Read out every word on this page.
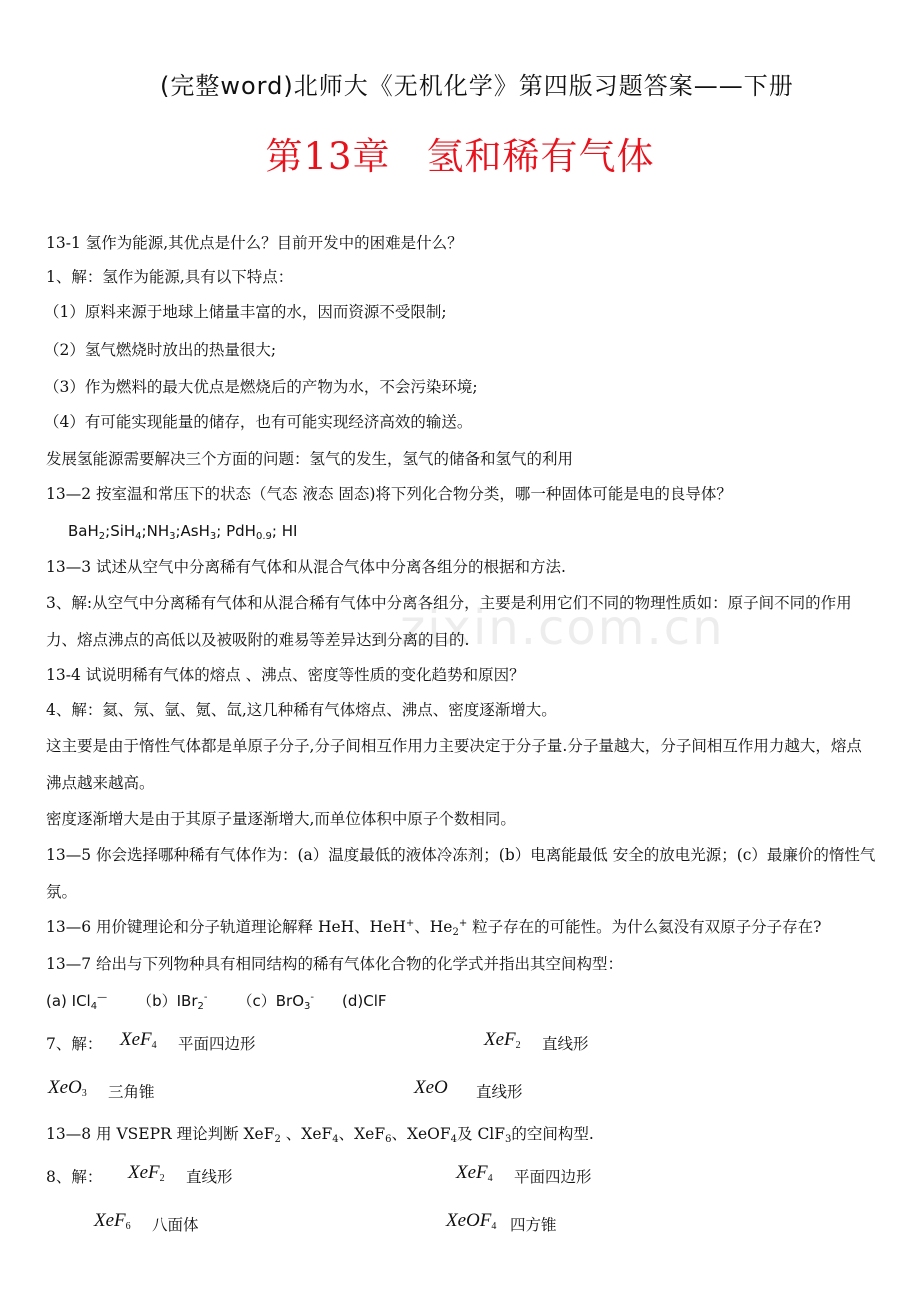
(完整word)北师大《无机化学》第四版习题答案——下册
第13章 氢和稀有气体
zixin.com.cn
13-1 氢作为能源,其优点是什么？目前开发中的困难是什么？
1、解：氢作为能源,具有以下特点：
（1）原料来源于地球上储量丰富的水，因而资源不受限制;
（2）氢气燃烧时放出的热量很大;
（3）作为燃料的最大优点是燃烧后的产物为水，不会污染环境;
（4）有可能实现能量的储存，也有可能实现经济高效的输送。
发展氢能源需要解决三个方面的问题：氢气的发生，氢气的储备和氢气的利用
13—2 按室温和常压下的状态（气态 液态 固态)将下列化合物分类，哪一种固体可能是电的良导体？
$BaH_2;SiH_4;NH_3;AsH_3$; PdH$_{0.9}$; HI
13—3 试述从空气中分离稀有气体和从混合气体中分离各组分的根据和方法.
3、解:从空气中分离稀有气体和从混合稀有气体中分离各组分，主要是利用它们不同的物理性质如：原子间不同的作用力、熔点沸点的高低以及被吸附的难易等差异达到分离的目的.
13-4 试说明稀有气体的熔点 、沸点、密度等性质的变化趋势和原因？
4、解：氦、氖、氩、氪、氙,这几种稀有气体熔点、沸点、密度逐渐增大。
这主要是由于惰性气体都是单原子分子,分子间相互作用力主要决定于分子量.分子量越大，分子间相互作用力越大，熔点沸点越来越高。
密度逐渐增大是由于其原子量逐渐增大,而单位体积中原子个数相同。
13—5 你会选择哪种稀有气体作为：(a）温度最低的液体冷冻剂；(b）电离能最低 安全的放电光源；(c）最廉价的惰性气氛。
13—6 用价键理论和分子轨道理论解释 HeH、HeH+、$He_2^+$ 粒子存在的可能性。为什么氦没有双原子分子存在?
13—7 给出与下列物种具有相同结构的稀有气体化合物的化学式并指出其空间构型：
(a) ICl$_4$— （b）IBr$_2$- （c）BrO$_3$- (d)ClF
7、解： XeF$_4$ 平面四边形	XeF$_2$ 直线形
XeO$_3$ 三角锥	XeO 直线形
13—8 用 VSEPR 理论判断 XeF$_2$ 、XeF$_4$、XeF$_6$、XeOF$_4$及 ClF$_3$的空间构型.
8、解： XeF$_2$ 直线形	XeF$_4$ 平面四边形
XeF$_6$ 八面体	XeOF$_4$ 四方锥
